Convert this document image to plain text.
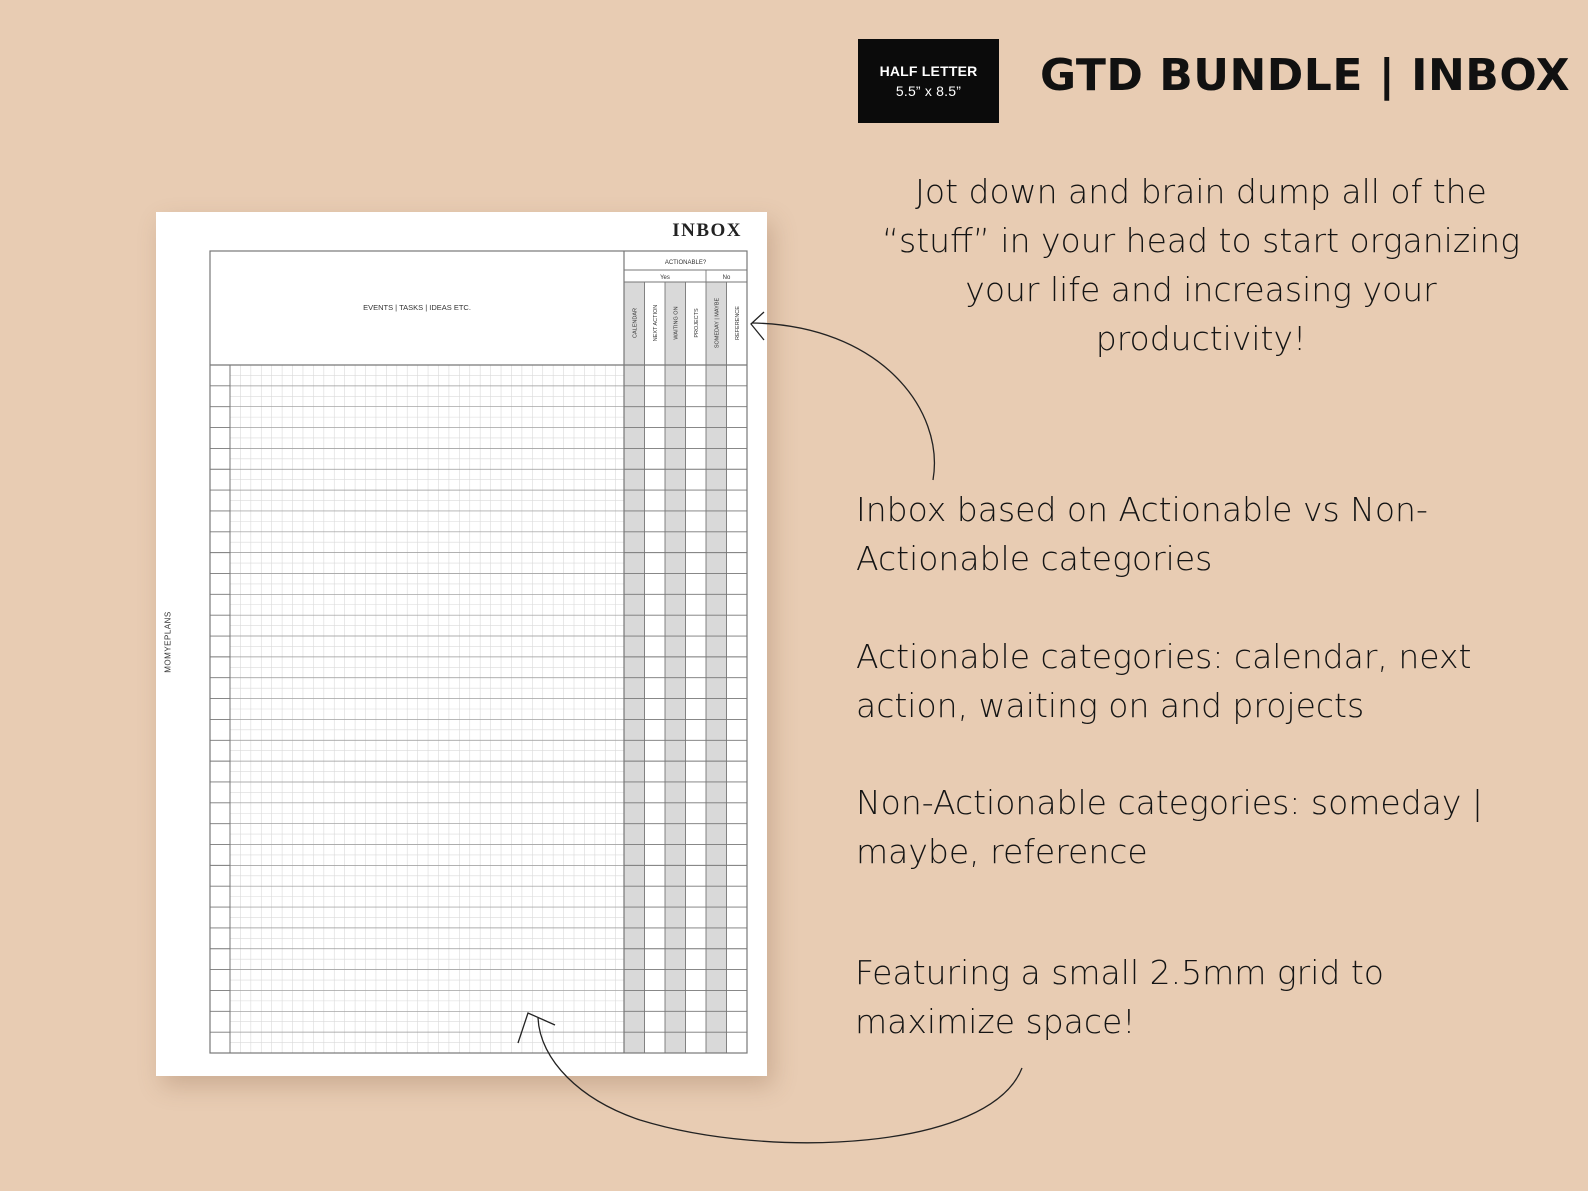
HALF LETTER
5.5” x 8.5” GTD BUNDLE | INBOX
Jot down and brain dump all of the “stuff” in your head to start organizing your life and increasing your productivity!
Inbox based on Actionable vs Non-Actionable categories
Actionable categories: calendar, next action, waiting on and projects
Non-Actionable categories: someday | maybe, reference
Featuring a small 2.5mm grid to maximize space!
INBOX
MOMYEPLANS
EVENTS | TASKS | IDEAS ETC.
ACTIONABLE?
Yes	No
CALENDAR	NEXT ACTION	WAITING ON	PROJECTS	SOMEDAY | MAYBE	REFERENCE
